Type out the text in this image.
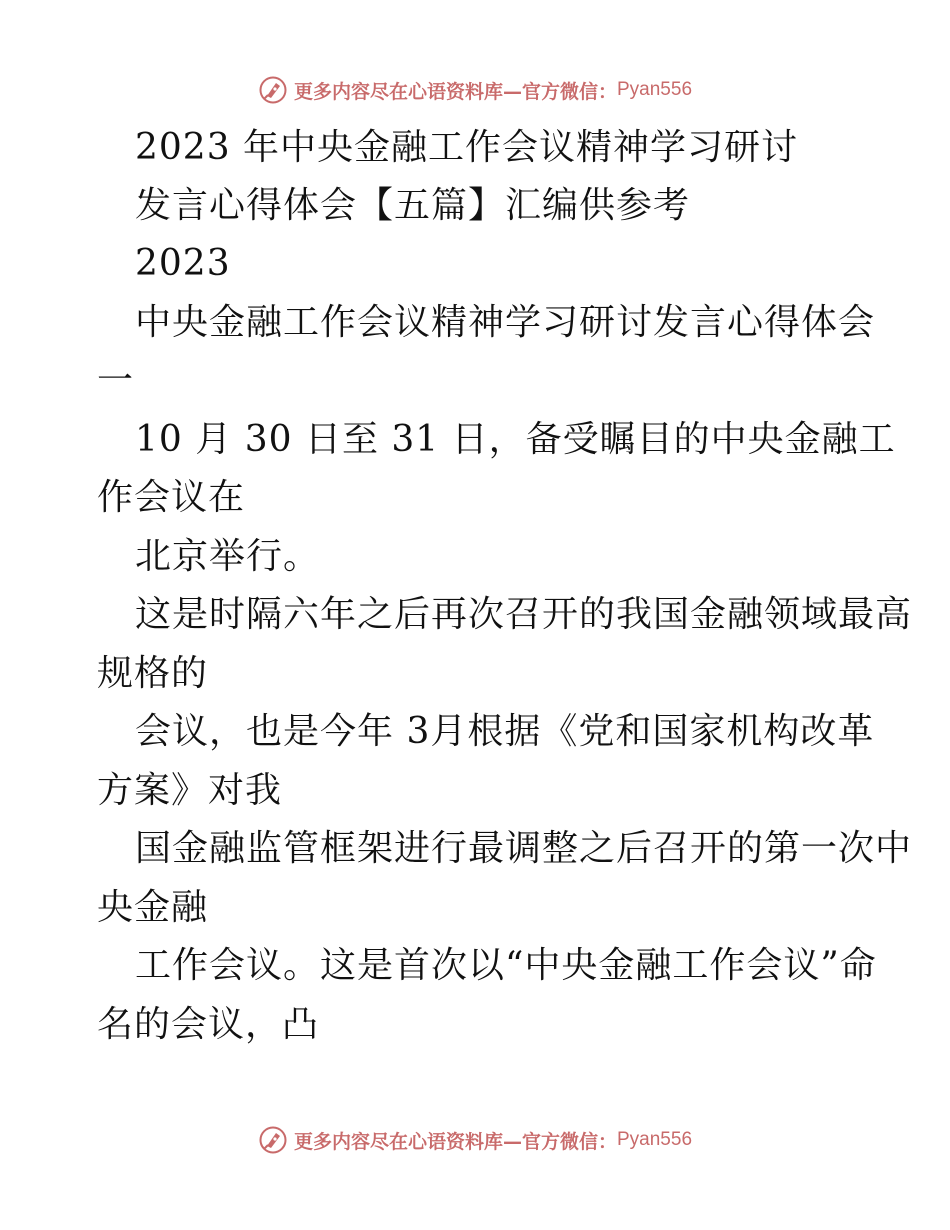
更多内容尽在心语资料库—官方微信： Pyan556
2023 年中央金融工作会议精神学习研讨
发言心得体会【五篇】汇编供参考
2023
中央金融工作会议精神学习研讨发言心得体会
一
10 月 30 日至 31 日，备受瞩目的中央金融工
作会议在
北京举行。
这是时隔六年之后再次召开的我国金融领域最高
规格的
会议，也是今年 3月根据《党和国家机构改革
方案》对我
国金融监管框架进行最调整之后召开的第一次中
央金融
工作会议。这是首次以“中央金融工作会议”命
名的会议，凸
更多内容尽在心语资料库—官方微信： Pyan556
